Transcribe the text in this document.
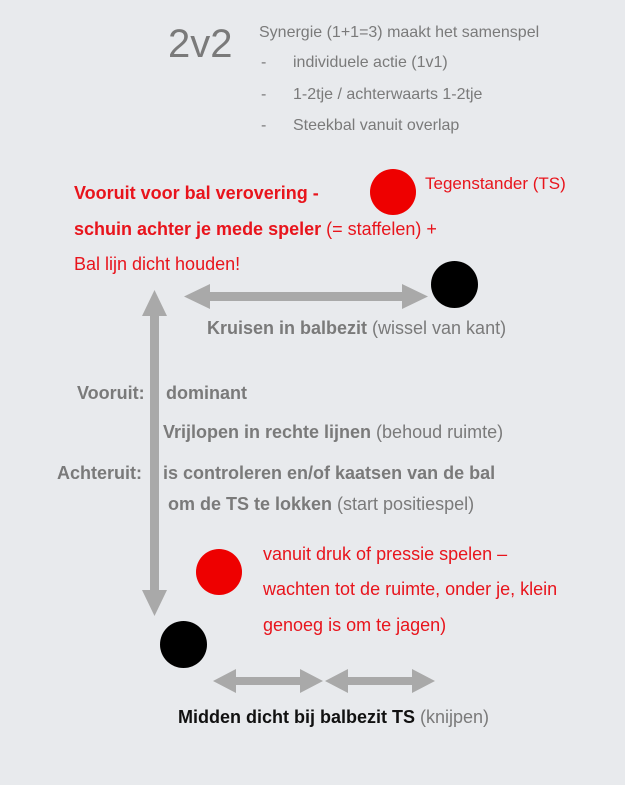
2v2 Synergie (1+1=3) maakt het samenspel
- individuele actie (1v1)
- 1-2tje / achterwaarts 1-2tje
- Steekbal vanuit overlap
Tegenstander (TS)
Vooruit voor bal verovering -
schuin achter je mede speler (= staffelen) +
Bal lijn dicht houden!
Kruisen in balbezit (wissel van kant)
Vooruit: dominant
Vrijlopen in rechte lijnen (behoud ruimte)
Achteruit: is controleren en/of kaatsen van de bal
om de TS te lokken (start positiespel)
vanuit druk of pressie spelen –
wachten tot de ruimte, onder je, klein
genoeg is om te jagen)
Midden dicht bij balbezit TS (knijpen)
